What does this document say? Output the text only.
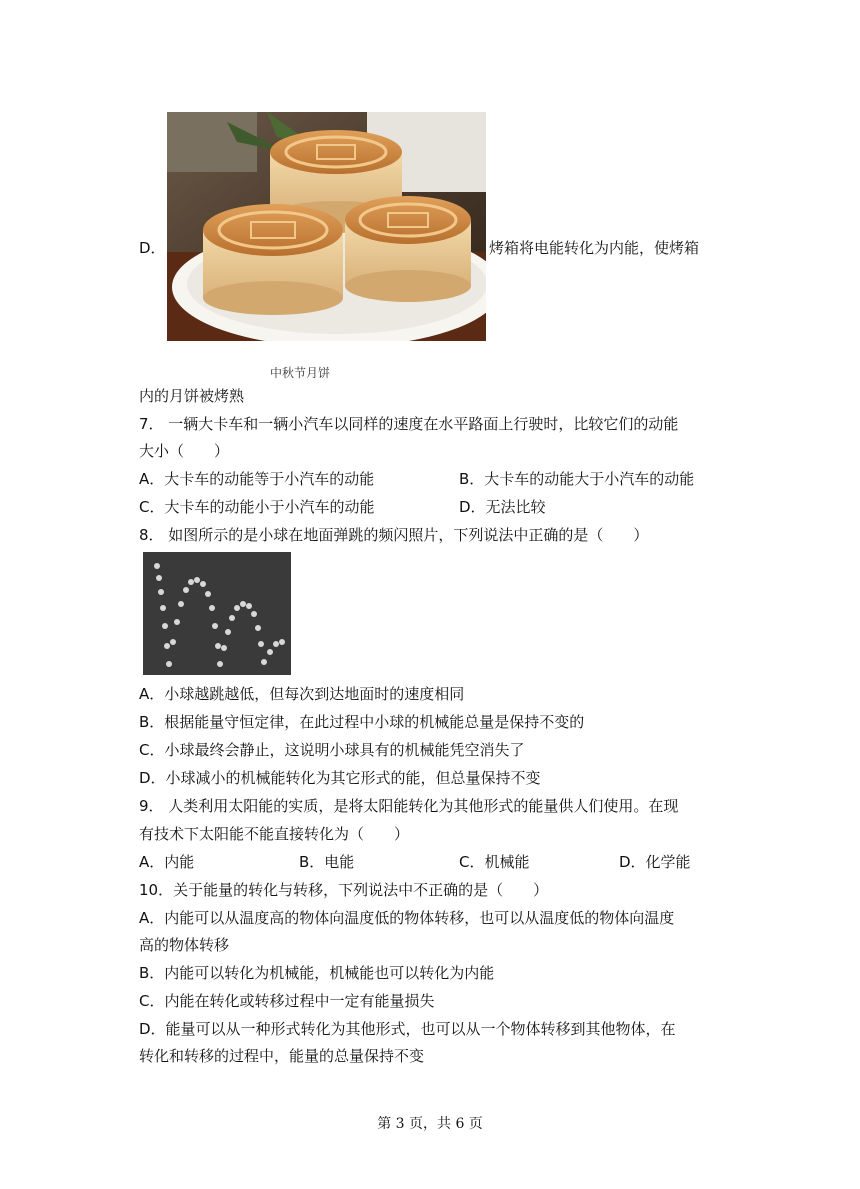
D．	烤箱将电能转化为内能，使烤箱
中秋节月饼
内的月饼被烤熟
7． 一辆大卡车和一辆小汽车以同样的速度在水平路面上行驶时，比较它们的动能
大小（　　）
A．大卡车的动能等于小汽车的动能	B．大卡车的动能大于小汽车的动能
C．大卡车的动能小于小汽车的动能	D．无法比较
8． 如图所示的是小球在地面弹跳的频闪照片，下列说法中正确的是（　　）
A．小球越跳越低，但每次到达地面时的速度相同
B．根据能量守恒定律，在此过程中小球的机械能总量是保持不变的
C．小球最终会静止，这说明小球具有的机械能凭空消失了
D．小球减小的机械能转化为其它形式的能，但总量保持不变
9． 人类利用太阳能的实质，是将太阳能转化为其他形式的能量供人们使用。在现
有技术下太阳能不能直接转化为（　　）
A．内能	B．电能	C．机械能	D．化学能
10．关于能量的转化与转移，下列说法中不正确的是（　　）
A．内能可以从温度高的物体向温度低的物体转移，也可以从温度低的物体向温度
高的物体转移
B．内能可以转化为机械能，机械能也可以转化为内能
C．内能在转化或转移过程中一定有能量损失
D．能量可以从一种形式转化为其他形式，也可以从一个物体转移到其他物体，在
转化和转移的过程中，能量的总量保持不变
第 3 页，共 6 页
